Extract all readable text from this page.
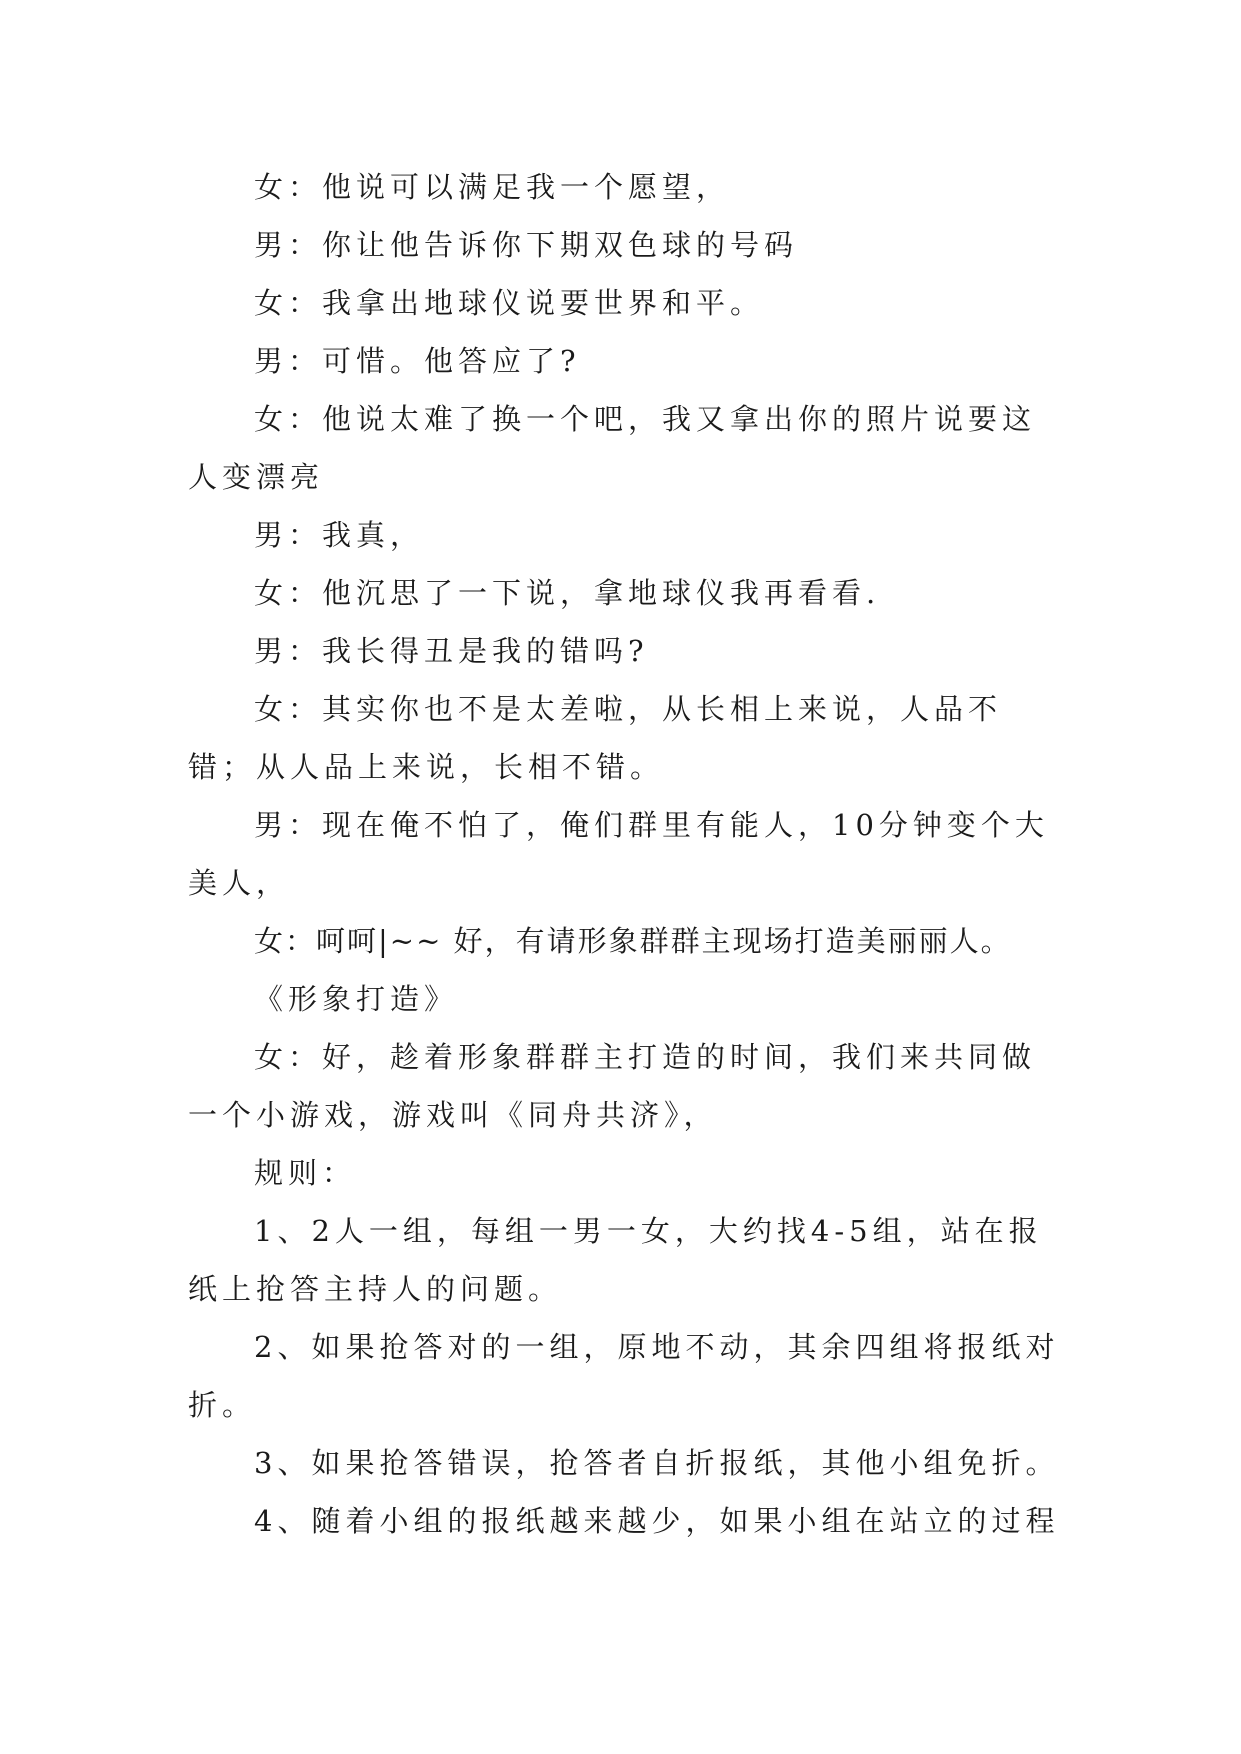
女：他说可以满足我一个愿望，

男：你让他告诉你下期双色球的号码

女：我拿出地球仪说要世界和平。

男：可惜。他答应了?

女：他说太难了换一个吧，我又拿出你的照片说要这人变漂亮

男：我真，

女：他沉思了一下说，拿地球仪我再看看.

男：我长得丑是我的错吗?

女：其实你也不是太差啦，从长相上来说，人品不错；从人品上来说，长相不错。

男：现在俺不怕了，俺们群里有能人，10分钟变个大美人，

女：呵呵|~~ 好，有请形象群群主现场打造美丽丽人。

《形象打造》

女：好，趁着形象群群主打造的时间，我们来共同做一个小游戏，游戏叫《同舟共济》，

规则：

1、2人一组，每组一男一女，大约找4-5组，站在报纸上抢答主持人的问题。

2、如果抢答对的一组，原地不动，其余四组将报纸对折。

3、如果抢答错误，抢答者自折报纸，其他小组免折。

4、随着小组的报纸越来越少，如果小组在站立的过程
